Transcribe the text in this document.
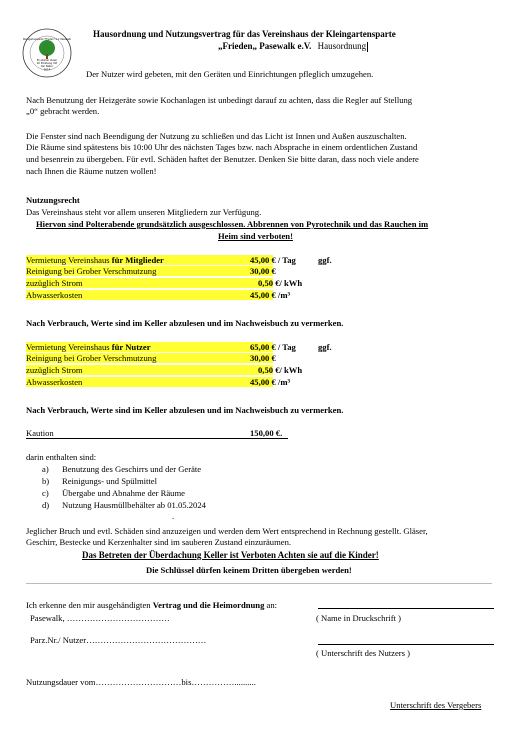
Im Einklang mit
der Natur
2014
Kleingartensparte "Frieden" e.V. Pasewalk
Ein starker Verein
Hausordnung und Nutzungsvertrag für das Vereinshaus der Kleingartensparte
„Frieden„ Pasewalk e.V. Hausordnung
Der Nutzer wird gebeten, mit den Geräten und Einrichtungen pfleglich umzugehen.
Nach Benutzung der Heizgeräte sowie Kochanlagen ist unbedingt darauf zu achten, dass die Regler auf Stellung
„0“ gebracht werden.
Die Fenster sind nach Beendigung der Nutzung zu schließen und das Licht ist Innen und Außen auszuschalten.
Die Räume sind spätestens bis 10:00 Uhr des nächsten Tages bzw. nach Absprache in einem ordentlichen Zustand
und besenrein zu übergeben. Für evtl. Schäden haftet der Benutzer. Denken Sie bitte daran, dass noch viele andere
nach Ihnen die Räume nutzen wollen!
Nutzungsrecht
Das Vereinshaus steht vor allem unseren Mitgliedern zur Verfügung.
Hiervon sind Polterabende grundsätzlich ausgeschlossen. Abbrennen von Pyrotechnik und das Rauchen im
Heim sind verboten!
Vermietung Vereinshaus für Mitglieder	45,00 € / Tag	ggf.
Reinigung bei Grober Verschmutzung	30,00 €
zuzüglich Strom	0,50 €/ kWh
Abwasserkosten	45,00 € /m³
Nach Verbrauch, Werte sind im Keller abzulesen und im Nachweisbuch zu vermerken.
Vermietung Vereinshaus für Nutzer	65,00 € / Tag	ggf.
Reinigung bei Grober Verschmutzung	30,00 €
zuzüglich Strom	0,50 €/ kWh
Abwasserkosten	45,00 € /m³
Nach Verbrauch, Werte sind im Keller abzulesen und im Nachweisbuch zu vermerken.
Kaution	150,00 €.
darin enthalten sind:
a) Benutzung des Geschirrs und der Geräte
b) Reinigungs- und Spülmittel
c) Übergabe und Abnahme der Räume
d) Nutzung Hausmüllbehälter ab 01.05.2024
.
Jeglicher Bruch und evtl. Schäden sind anzuzeigen und werden dem Wert entsprechend in Rechnung gestellt. Gläser,
Geschirr, Bestecke und Kerzenhalter sind im sauberen Zustand einzuräumen.
Das Betreten der Überdachung Keller ist Verboten Achten sie auf die Kinder!
Die Schlüssel dürfen keinem Dritten übergeben werden!
Ich erkenne den mir ausgehändigten Vertrag und die Heimordnung an:
Pasewalk, ………………………………	( Name in Druckschrift )
Parz.Nr./ Nutzer……………………………………
( Unterschrift des Nutzers )
Nutzungsdauer vom…………………………bis……………..........
Unterschrift des Vergebers
